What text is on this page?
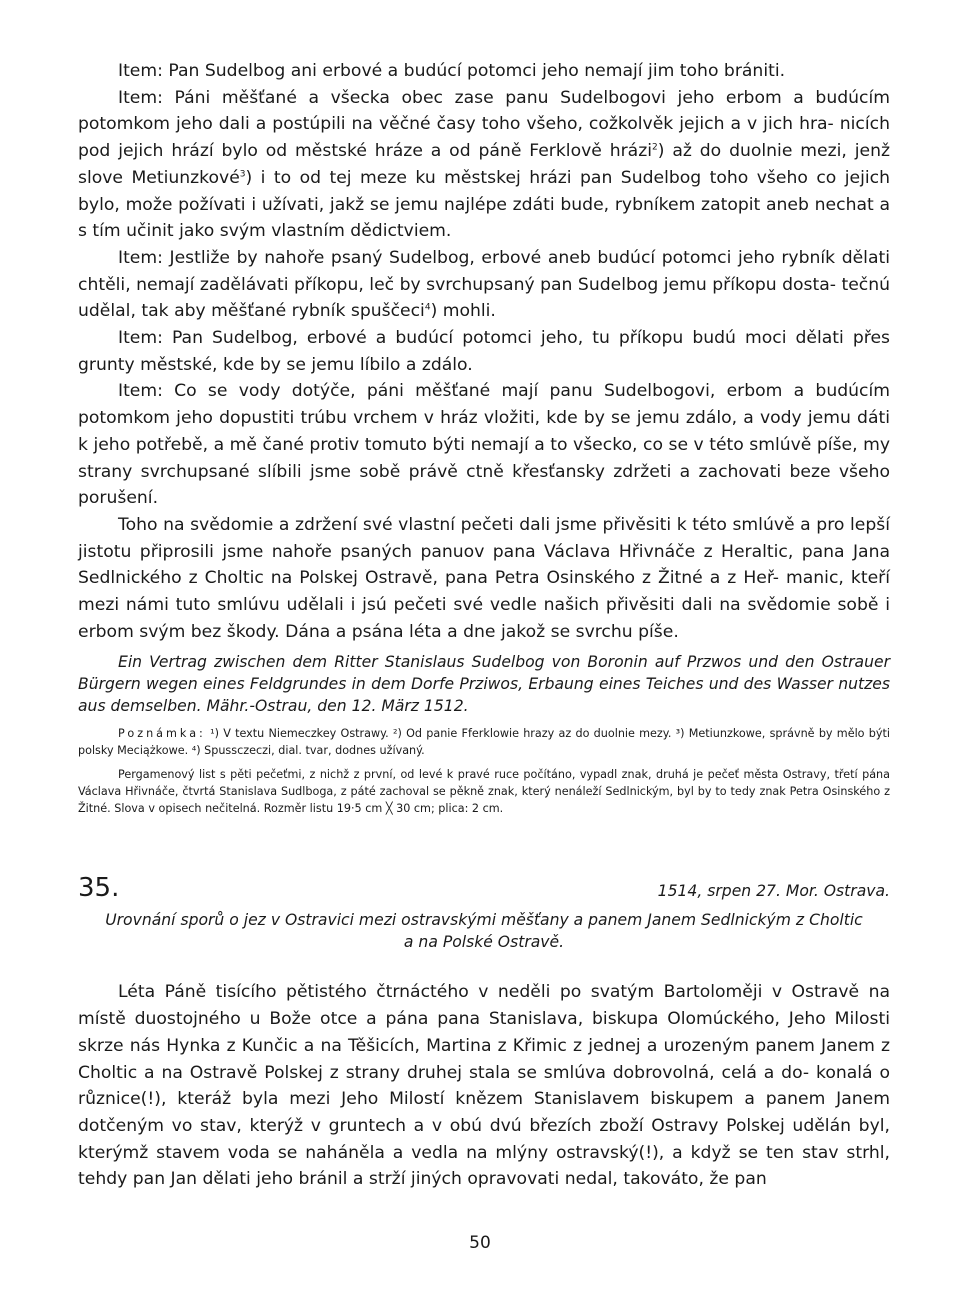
Item: Pan Sudelbog ani erbové a budúcí potomci jeho nemají jim toho brániti.

Item: Páni měšťané a všecka obec zase panu Sudelbogovi jeho erbom a budúcím potomkom jeho dali a postúpili na věčné časy toho všeho, cožkolvěk jejich a v jich hra- nicích pod jejich hrází bylo od městské hráze a od páně Ferklově hrázi$^2$) až do duolnie mezi, jenž slove Metiunzkové$^3$) i to od tej meze ku městskej hrázi pan Sudelbog toho všeho co jejich bylo, može požívati i užívati, jakž se jemu najlépe zdáti bude, rybníkem zatopit aneb nechat a s tím učinit jako svým vlastním dědictviem.

Item: Jestliže by nahoře psaný Sudelbog, erbové aneb budúcí potomci jeho rybník dělati chtěli, nemají zadělávati příkopu, leč by svrchupsaný pan Sudelbog jemu příkopu dosta- tečnú udělal, tak aby měšťané rybník spuščeci$^4$) mohli.

Item: Pan Sudelbog, erbové a budúcí potomci jeho, tu příkopu budú moci dělati přes grunty městské, kde by se jemu líbilo a zdálo.

Item: Co se vody dotýče, páni měšťané mají panu Sudelbogovi, erbom a budúcím potomkom jeho dopustiti trúbu vrchem v hráz vložiti, kde by se jemu zdálo, a vody jemu dáti k jeho potřebě, a mě čané protiv tomuto býti nemají a to všecko, co se v této smlúvě píše, my strany svrchupsané slíbili jsme sobě právě ctně křesťansky zdržeti a zachovati beze všeho porušení.

Toho na svědomie a zdržení své vlastní pečeti dali jsme přivěsiti k této smlúvě a pro lepší jistotu připrosili jsme nahoře psaných panuov pana Václava Hřivnáče z Heraltic, pana Jana Sedlnického z Choltic na Polskej Ostravě, pana Petra Osinského z Žitné a z Heř- manic, kteří mezi námi tuto smlúvu udělali i jsú pečeti své vedle našich přivěsiti dali na svědomie sobě i erbom svým bez škody. Dána a psána léta a dne jakož se svrchu píše.

Ein Vertrag zwischen dem Ritter Stanislaus Sudelbog von Boronin auf Przwos und den Ostrauer Bürgern wegen eines Feldgrundes in dem Dorfe Prziwos, Erbaung eines Teiches und des Wasser nutzes aus demselben. Mähr.-Ostrau, den 12. März 1512.

Poznámka: ¹) V textu Niemeczkey Ostrawy. ²) Od panie Fferklowie hrazy az do duolnie mezy. ³) Metiunzkowe, správně by mělo býti polsky Meciążkowe. ⁴) Spussczeczi, dial. tvar, dodnes užívaný.

Pergamenový list s pěti pečeťmi, z nichž z první, od levé k pravé ruce počítáno, vypadl znak, druhá je pečeť města Ostravy, třetí pána Václava Hřivnáče, čtvrtá Stanislava Sudlboga, z páté zachoval se pěkně znak, který nenáleží Sedlnickým, byl by to tedy znak Petra Osinského z Žitné. Slova v opisech nečitelná. Rozměr listu 19·5 cm ╳ 30 cm; plica: 2 cm.

35.	1514, srpen 27. Mor. Ostrava.

Urovnání sporů o jez v Ostravici mezi ostravskými měšťany a panem Janem Sedlnickým z Choltic a na Polské Ostravě.

Léta Páně tisícího pětistého čtrnáctého v neděli po svatým Bartoloměji v Ostravě na místě duostojného u Bože otce a pána pana Stanislava, biskupa Olomúckého, Jeho Milosti skrze nás Hynka z Kunčic a na Těšicích, Martina z Křimic z jednej a urozeným panem Janem z Choltic a na Ostravě Polskej z strany druhej stala se smlúva dobrovolná, celá a do- konalá o různice(!), kteráž byla mezi Jeho Milostí knězem Stanislavem biskupem a panem Janem dotčeným vo stav, kterýž v gruntech a v obú dvú březích zboží Ostravy Polskej udělán byl, kterýmž stavem voda se naháněla a vedla na mlýny ostravský(!), a když se ten stav strhl, tehdy pan Jan dělati jeho bránil a strží jiných opravovati nedal, takováto, že pan

50
